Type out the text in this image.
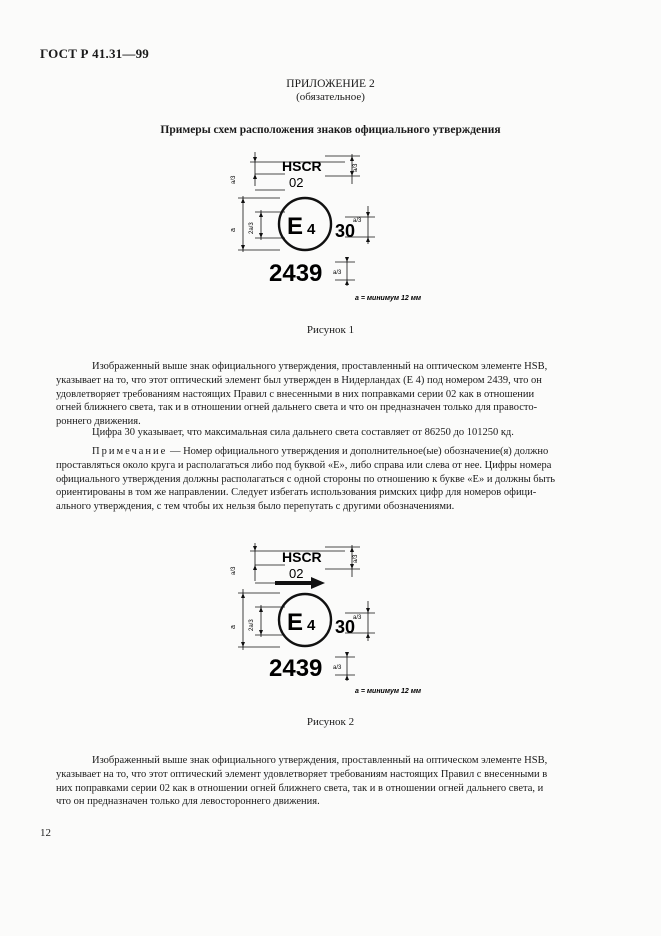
ГОСТ Р 41.31—99
ПРИЛОЖЕНИЕ 2
(обязательное)
Примеры схем расположения знаков официального утверждения
HSCR
02
E 4 30
2439
a/3
a/3
a 2a/3
a/3
a/3
a = минимум 12 мм
Рисунок 1

Изображенный выше знак официального утверждения, проставленный на оптическом элементе HSB,

указывает на то, что этот оптический элемент был утвержден в Нидерландах (Е 4) под номером 2439, что он
удовлетворяет требованиям настоящих Правил с внесенными в них поправками серии 02 как в отношении
огней ближнего света, так и в отношении огней дальнего света и что он предназначен только для правосто-
роннего движения.
Цифра 30 указывает, что максимальная сила дальнего света составляет от 86250 до 101250 кд.
Примечание — Номер официального утверждения и дополнительное(ые) обозначение(я) должно
проставляться около круга и располагаться либо под буквой «Е», либо справа или слева от нее. Цифры номера
официального утверждения должны располагаться с одной стороны по отношению к букве «Е» и должны быть
ориентированы в том же направлении. Следует избегать использования римских цифр для номеров офици-
ального утверждения, с тем чтобы их нельзя было перепутать с другими обозначениями.
HSCR
02
E 4 30
2439
a/3
a/3
a 2a/3
a/3
a/3
a = минимум 12 мм
Рисунок 2
Изображенный выше знак официального утверждения, проставленный на оптическом элементе HSB,
указывает на то, что этот оптический элемент удовлетворяет требованиям настоящих Правил с внесенными в
них поправками серии 02 как в отношении огней ближнего света, так и в отношении огней дальнего света, и
что он предназначен только для левостороннего движения.
12
